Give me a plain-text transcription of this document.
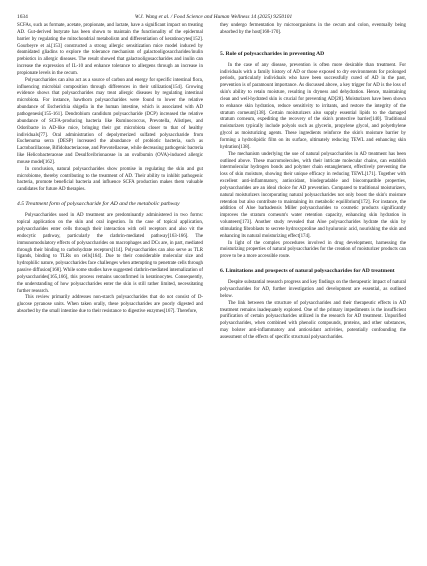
1634	W.J. Wang et al. / Food Science and Human Wellness 14 (2025) 9250101

SCFAs, such as formate, acetate, propionate, and lactate, have a significant impact on treating AD. Gut-derived butyrate has been shown to maintain the functionality of the epidermal barrier by regulating the mitochondrial metabolism and differentiation of keratinocytes[152]. Gourbeyre et al.[153] constructed a strong allergic sensitization mice model induced by deamidated gliadins to explore the tolerance mechanism of galactooligosaccharides/inulin prebiotics in allergic diseases. The result showed that galactooligosaccharides and inulin can increase the expression of IL-10 and enhance tolerance to allergens through an increase in propionate levels in the cecum.

Polysaccharides can also act as a source of carbon and energy for specific intestinal flora, influencing microbial composition through differences in their utilization[154]. Growing evidence shows that polysaccharides may treat allergic diseases by regulating intestinal microbiota. For instance, hawthorn polysaccharides were found to lower the relative abundance of Escherichia shigella in the human intestine, which is associated with AD pathogenesis[155-161]. Dendrobium candidum polysaccharide (DCP) increased the relative abundance of SCFA-producing bacteria like Ruminococcus, Prevotella, Alistipes, and Odoribacte in AD-like mice, bringing their gut microbiota closer to that of healthy individuals[77]. Oral administration of depolymerized sulfated polysaccharide from Euchenuma serra (DESP) increased the abundance of probiotic bacteria, such as Lactobacillaceae, Bifidobacteriaceae, and Prevotellaceae, while decreasing pathogenic bacteria like Helicobacteraceae and Desulfovibrionaceae in an ovalbumin (OVA)-induced allergic mouse model[162].

In conclusion, natural polysaccharides show promise in regulating the skin and gut microbiome, thereby contributing to the treatment of AD. Their ability to inhibit pathogenic bacteria, promote beneficial bacteria and influence SCFA production makes them valuable candidates for future AD therapies.

4.5 Treatment form of polysaccharide for AD and the metabolic pathway

Polysaccharides used in AD treatment are predominantly administered in two forms: topical application on the skin and oral ingestion. In the case of topical application, polysaccharides enter cells through their interaction with cell receptors and also vit the endocytic pathway, particularly the clathrin-mediated pathway[163-166]. The immunomodulatory effects of polysaccharides on macrophages and DCs are, in part, mediated through their binding to carbohydrate receptors[114]. Polysaccharides can also serve as TLR ligands, binding to TLRs on cells[164]. Due to their considerable molecular size and hydrophilic nature, polysaccharides face challenges when attempting to penetrate cells through passive diffusion[168]. While some studies have suggested clathrin-mediated internalization of polysaccharides[165,166], this process remains unconfirmed in keratinocytes. Consequently, the understanding of how polysaccharides enter the skin is still rather limited, necessitating further research.

This review primarily addresses non-starch polysaccharides that do not consist of D-glucose pyranose units. When taken orally, these polysaccharides are poorly digested and absorbed by the small intestine due to their resistance to digestive enzymes[167]. Therefore,

they undergo fermentation by microorganisms in the cecum and colon, eventually being absorbed by the host[168-170].

5. Role of polysaccharides in preventing AD

In the case of any disease, prevention is often more desirable than treatment. For individuals with a family history of AD or those exposed to dry environments for prolonged periods, particularly individuals who have been successfully cured of AD in the past, prevention is of paramount importance. As discussed above, a key trigger for AD is the loss of skin's ability to retain moisture, resulting in dryness and dehydration. Hence, maintaining clean and well-hydrated skin is crucial for preventing AD[28]. Moisturizers have been shown to enhance skin hydration, reduce sensitivity to irritants, and restore the integrity of the stratum corneum[138]. Certain moisturizers also supply essential lipids to the damaged stratum corneum, expediting the recovery of the skin's protective barrier[140]. Traditional moisturizers typically include polyols such as glycerin, propylene glycol, and polyethylene glycol as moisturizing agents. These ingredients reinforce the skin's moisture barrier by forming a hydrolipidic film on its surface, ultimately reducing TEWL and enhancing skin hydration[138].

The mechanism underlying the use of natural polysaccharides in AD treatment has been outlined above. These macromolecules, with their intricate molecular chains, can establish intermolecular hydrogen bonds and polymer chain entanglement, effectively preventing the loss of skin moisture, showing their unique efficacy in reducing TEWL[171]. Together with excellent anti-inflammatory, antioxidant, biodegradable and biocompatible properties, polysaccharides are an ideal choice for AD prevention. Compared to traditional moisturizers, natural moisturizers incorporating natural polysaccharides not only boost the skin's moisture retention but also contribute to maintaining its metabolic equilibrium[172]. For instance, the addition of Aloe barbadensis Miller polysaccharides to cosmetic products significantly improves the stratum corneum's water retention capacity, enhancing skin hydration in volunteers[173]. Another study revealed that Aloe polysaccharides hydrate the skin by stimulating fibroblasts to secrete hydroxyproline and hyaluronic acid, nourishing the skin and enhancing its natural moisturizing effect[174].

In light of the complex procedures involved in drug development, harnessing the moisturizing properties of natural polysaccharides for the creation of moisturizer products can prove to be a more accessible route.

6. Limitations and prospects of natural polysaccharides for AD treatment

Despite substantial research progress and key findings on the therapeutic impact of natural polysaccharides for AD, further investigation and development are essential, as outlined below.

The link between the structure of polysaccharides and their therapeutic effects in AD treatment remains inadequately explored. One of the primary impediments is the insufficient purification of certain polysaccharides utilized in the research for AD treatment. Unpurified polysaccharides, when combined with phenolic compounds, proteins, and other substances, may bolster anti-inflammatory and antioxidant activities, potentially confounding the assessment of the effects of specific structural polysaccharides.
